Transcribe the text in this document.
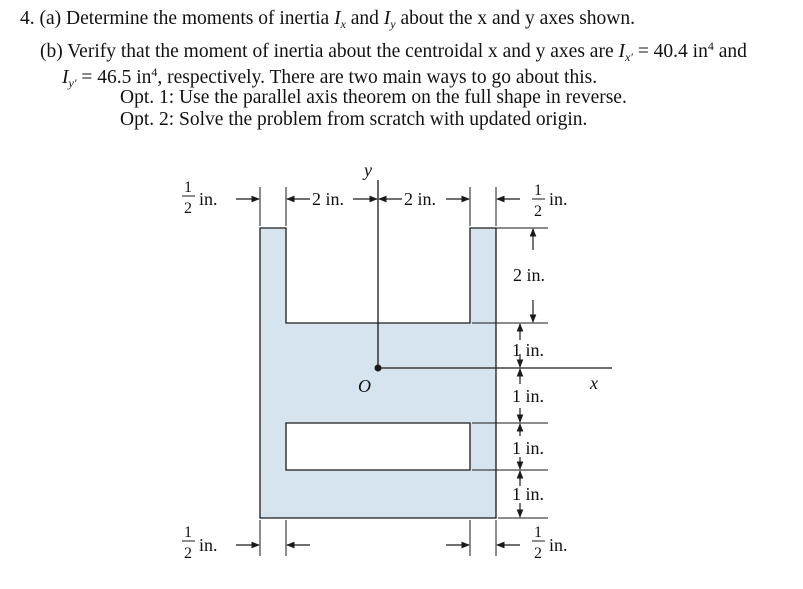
4. (a) Determine the moments of inertia $I_x$ and $I_y$ about the x and y axes shown.
(b) Verify that the moment of inertia about the centroidal x and y axes are $I_{x'} = 40.4$ $in^4$ and
$I_{y'} = 46.5$ $in^4$, respectively. There are two main ways to go about this.
Opt. 1: Use the parallel axis theorem on the full shape in reverse.
Opt. 2: Solve the problem from scratch with updated origin.
y
x
O
1
2 in.	2 in.	2 in.	1
2
in.
1
2 in.
1
2 in.
2 in.
1 in.
1 in.
1 in.
1 in.
